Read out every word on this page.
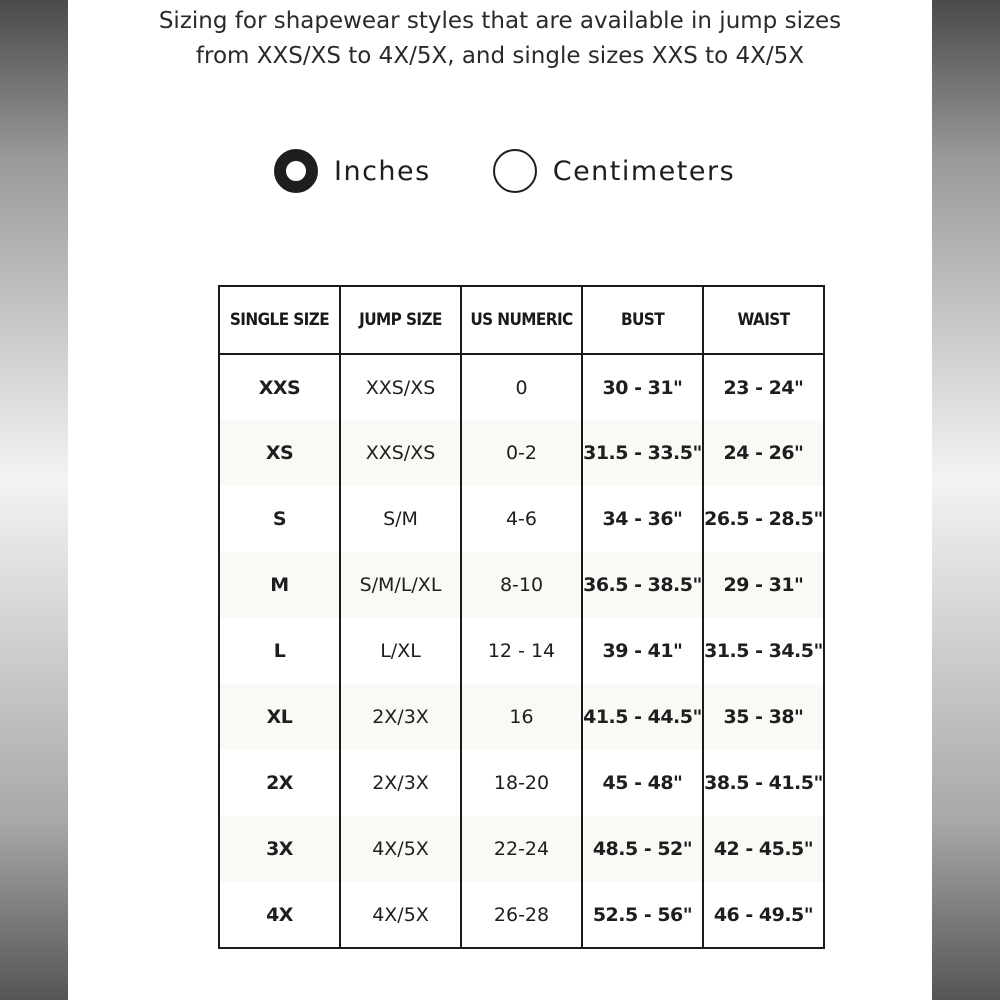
Sizing for shapewear styles that are available in jump sizes from XXS/XS to 4X/5X, and single sizes XXS to 4X/5X

Inches	Centimeters
SINGLE SIZE	JUMP SIZE	US NUMERIC	BUST	WAIST
XXS	XXS/XS	0	30 - 31"	23 - 24"
XS	XXS/XS	0-2	31.5 - 33.5"	24 - 26"
S	S/M	4-6	34 - 36"	26.5 - 28.5"
M	S/M/L/XL	8-10	36.5 - 38.5"	29 - 31"
L	L/XL	12 - 14	39 - 41"	31.5 - 34.5"
XL	2X/3X	16	41.5 - 44.5"	35 - 38"
2X	2X/3X	18-20	45 - 48"	38.5 - 41.5"
3X	4X/5X	22-24	48.5 - 52"	42 - 45.5"
4X	4X/5X	26-28	52.5 - 56"	46 - 49.5"
